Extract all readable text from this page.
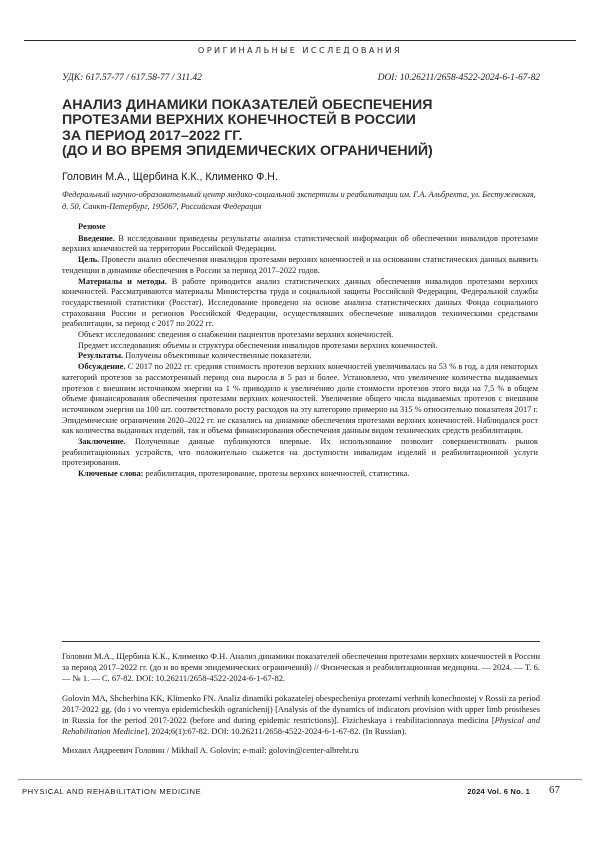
ОРИГИНАЛЬНЫЕ ИССЛЕДОВАНИЯ
УДК: 617.57-77 / 617.58-77 / 311.42	DOI: 10.26211/2658-4522-2024-6-1-67-82
АНАЛИЗ ДИНАМИКИ ПОКАЗАТЕЛЕЙ ОБЕСПЕЧЕНИЯ
ПРОТЕЗАМИ ВЕРХНИХ КОНЕЧНОСТЕЙ В РОССИИ
ЗА ПЕРИОД 2017–2022 ГГ.
(ДО И ВО ВРЕМЯ ЭПИДЕМИЧЕСКИХ ОГРАНИЧЕНИЙ)
Головин М.А., Щербина К.К., Клименко Ф.Н.
Федеральный научно-образовательный центр медико-социальной экспертизы и реабилитации им. Г.А. Альбрехта, ул. Бестужевская, д. 50, Санкт-Петербург, 195067, Российская Федерация

Резюме

Введение. В исследовании приведены результаты анализа статистической информации об обеспечении инвалидов протезами верхних конечностей на территории Российской Федерации.

Цель. Провести анализ обеспечения инвалидов протезами верхних конечностей и на основании статистических данных выявить тенденции в динамике обеспечения в России за период 2017–2022 годов.

Материалы и методы. В работе приводится анализ статистических данных обеспечения инвалидов протезами верхних конечностей. Рассматриваются материалы Министерства труда и социальной защиты Российской Федерации, Федеральной службы государственной статистики (Росстат). Исследование проведено на основе анализа статистических данных Фонда социального страхования России и регионов Российской Федерации, осуществлявших обеспечение инвалидов техническими средствами реабилитации, за период с 2017 по 2022 гг.

Объект исследования: сведения о снабжении пациентов протезами верхних конечностей.

Предмет исследования: объемы и структура обеспечения инвалидов протезами верхних конечностей.

Результаты. Получены объективные количественные показатели.

Обсуждение. С 2017 по 2022 гг. средняя стоимость протезов верхних конечностей увеличивалась на 53 % в год, а для некоторых категорий протезов за рассмотренный период она выросла в 5 раз и более. Установлено, что увеличение количества выдаваемых протезов с внешним источником энергии на 1 % приводило к увеличению доли стоимости протезов этого вида на 7,5 % в общем объеме финансирования обеспечения протезами верхних конечностей. Увеличение общего числа выдаваемых протезов с внешним источником энергии на 100 шт. соответствовало росту расходов на эту категорию примерно на 315 % относительно показателя 2017 г. Эпидемические ограничения 2020–2022 гг. не сказались на динамике обеспечения протезами верхних конечностей. Наблюдался рост как количества выданных изделий, так и объема финансирования обеспечения данным видом технических средств реабилитации.

Заключение. Полученные данные публикуются впервые. Их использование позволит совершенствовать рынок реабилитационных устройств, что положительно скажется на доступности инвалидам изделий и реабилитационной услуги протезирования.

Ключевые слова: реабилитация, протезирование, протезы верхних конечностей, статистика.

Головин М.А., Щербина К.К., Клименко Ф.Н. Анализ динамики показателей обеспечения протезами верхних конечностей в России за период 2017–2022 гг. (до и во время эпидемических ограничений) // Физическая и реабилитационная медицина. — 2024. — Т. 6. — № 1. — С. 67-82. DOI: 10.26211/2658-4522-2024-6-1-67-82.

Golovin MA, Shcherbina KK, Klimenko FN. Analiz dinamiki pokazatelej obespecheniya protezami verhnih konechnostej v Rossii za period 2017-2022 gg. (do i vo vremya epidemicheskih ogranichenij) [Analysis of the dynamics of indicators provision with upper limb prostheses in Russia for the period 2017-2022 (before and during epidemic restrictions)]. Fizicheskaya i reabilitacionnaya medicina [Physical and Rehabilitation Medicine]. 2024;6(1):67-82. DOI: 10.26211/2658-4522-2024-6-1-67-82. (In Russian).

Михаил Андреевич Головин / Mikhail A. Golovin; e-mail: golovin@center-albreht.ru

PHYSICAL AND REHABILITATION MEDICINE	2024 Vol. 6 No. 1 67
